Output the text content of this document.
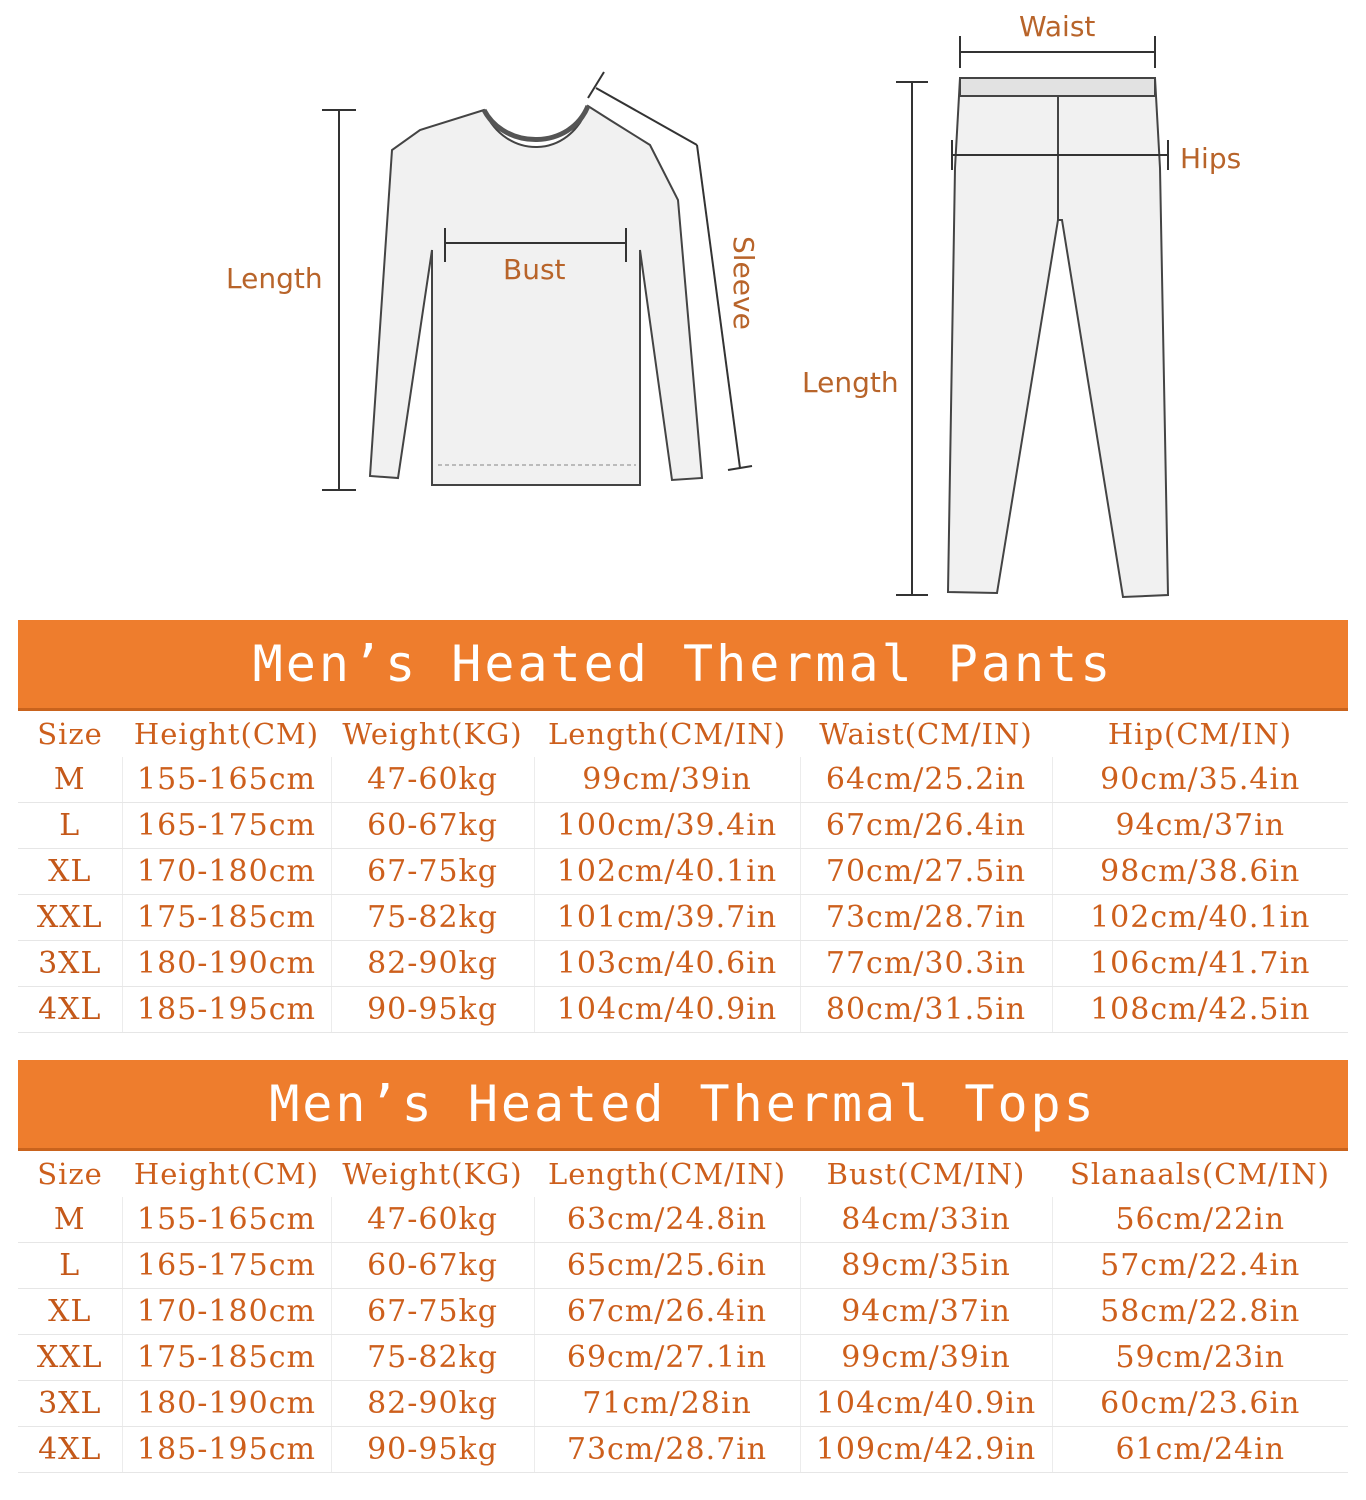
Length	Bust	Sleeve
Waist
Hips
Length
Men’s Heated Thermal Pants
Size	Height(CM)	Weight(KG)	Length(CM/IN)	Waist(CM/IN)	Hip(CM/IN)
M	155-165cm	47-60kg	99cm/39in	64cm/25.2in	90cm/35.4in
L	165-175cm	60-67kg	100cm/39.4in	67cm/26.4in	94cm/37in
XL	170-180cm	67-75kg	102cm/40.1in	70cm/27.5in	98cm/38.6in
XXL	175-185cm	75-82kg	101cm/39.7in	73cm/28.7in	102cm/40.1in
3XL	180-190cm	82-90kg	103cm/40.6in	77cm/30.3in	106cm/41.7in
4XL	185-195cm	90-95kg	104cm/40.9in	80cm/31.5in	108cm/42.5in
Men’s Heated Thermal Tops
Size	Height(CM)	Weight(KG)	Length(CM/IN)	Bust(CM/IN)	Slanaals(CM/IN)
M	155-165cm	47-60kg	63cm/24.8in	84cm/33in	56cm/22in
L	165-175cm	60-67kg	65cm/25.6in	89cm/35in	57cm/22.4in
XL	170-180cm	67-75kg	67cm/26.4in	94cm/37in	58cm/22.8in
XXL	175-185cm	75-82kg	69cm/27.1in	99cm/39in	59cm/23in
3XL	180-190cm	82-90kg	71cm/28in	104cm/40.9in	60cm/23.6in
4XL	185-195cm	90-95kg	73cm/28.7in	109cm/42.9in	61cm/24in
